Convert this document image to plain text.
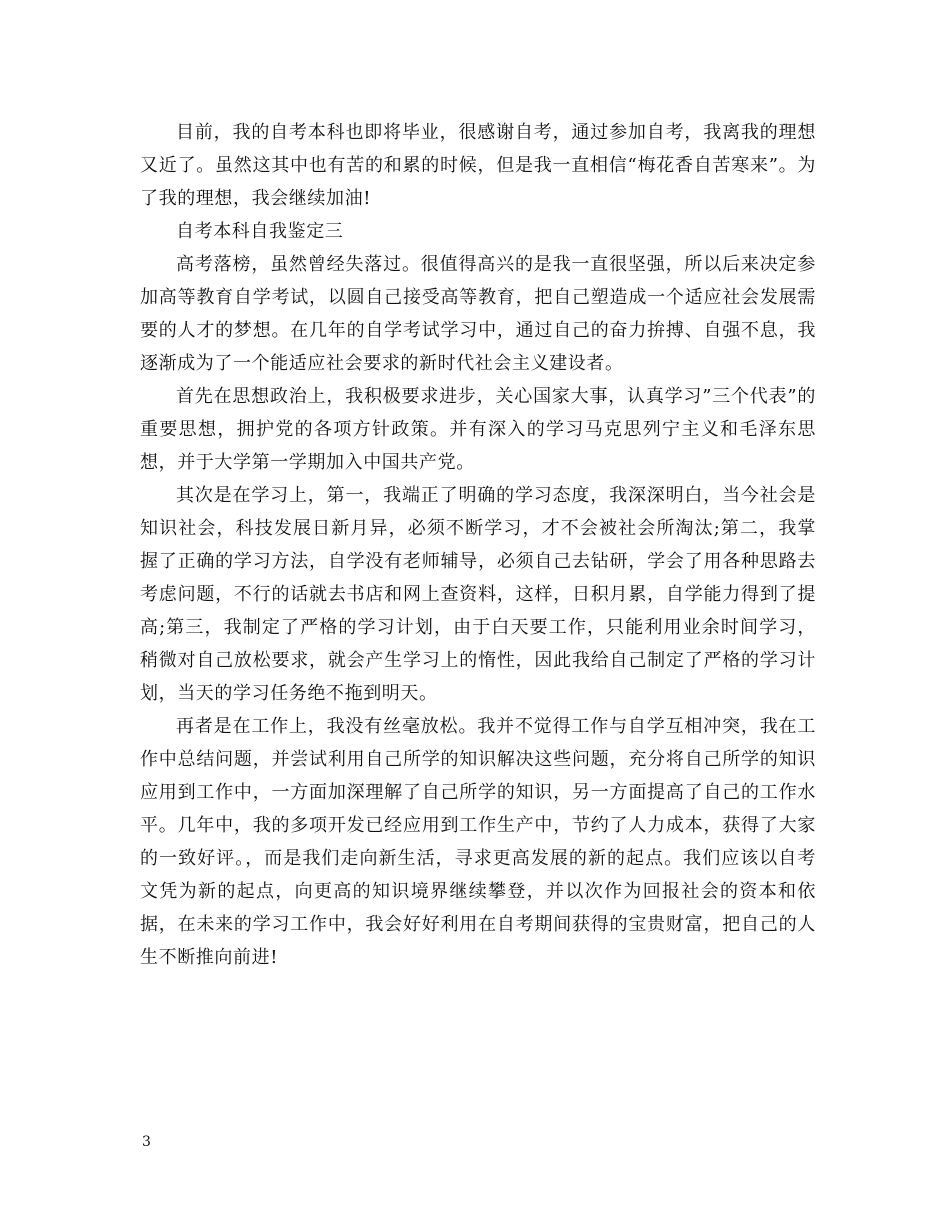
目前，我的自考本科也即将毕业，很感谢自考，通过参加自考，我离我的理想又近了。虽然这其中也有苦的和累的时候，但是我一直相信“梅花香自苦寒来”。为了我的理想，我会继续加油!

自考本科自我鉴定三

高考落榜，虽然曾经失落过。很值得高兴的是我一直很坚强，所以后来决定参加高等教育自学考试，以圆自己接受高等教育，把自己塑造成一个适应社会发展需要的人才的梦想。在几年的自学考试学习中，通过自己的奋力拚搏、自强不息，我逐渐成为了一个能适应社会要求的新时代社会主义建设者。

首先在思想政治上，我积极要求进步，关心国家大事，认真学习”三个代表”的重要思想，拥护党的各项方针政策。并有深入的学习马克思列宁主义和毛泽东思想，并于大学第一学期加入中国共产党。

其次是在学习上，第一，我端正了明确的学习态度，我深深明白，当今社会是知识社会，科技发展日新月异，必须不断学习，才不会被社会所淘汰;第二，我掌握了正确的学习方法，自学没有老师辅导，必须自己去钻研，学会了用各种思路去考虑问题，不行的话就去书店和网上查资料，这样，日积月累，自学能力得到了提高;第三，我制定了严格的学习计划，由于白天要工作，只能利用业余时间学习，稍微对自己放松要求，就会产生学习上的惰性，因此我给自己制定了严格的学习计划，当天的学习任务绝不拖到明天。

再者是在工作上，我没有丝毫放松。我并不觉得工作与自学互相冲突，我在工作中总结问题，并尝试利用自己所学的知识解决这些问题，充分将自己所学的知识应用到工作中，一方面加深理解了自己所学的知识，另一方面提高了自己的工作水平。几年中，我的多项开发已经应用到工作生产中，节约了人力成本，获得了大家的一致好评。，而是我们走向新生活，寻求更高发展的新的起点。我们应该以自考文凭为新的起点，向更高的知识境界继续攀登，并以次作为回报社会的资本和依据，在未来的学习工作中，我会好好利用在自考期间获得的宝贵财富，把自己的人生不断推向前进!

3
